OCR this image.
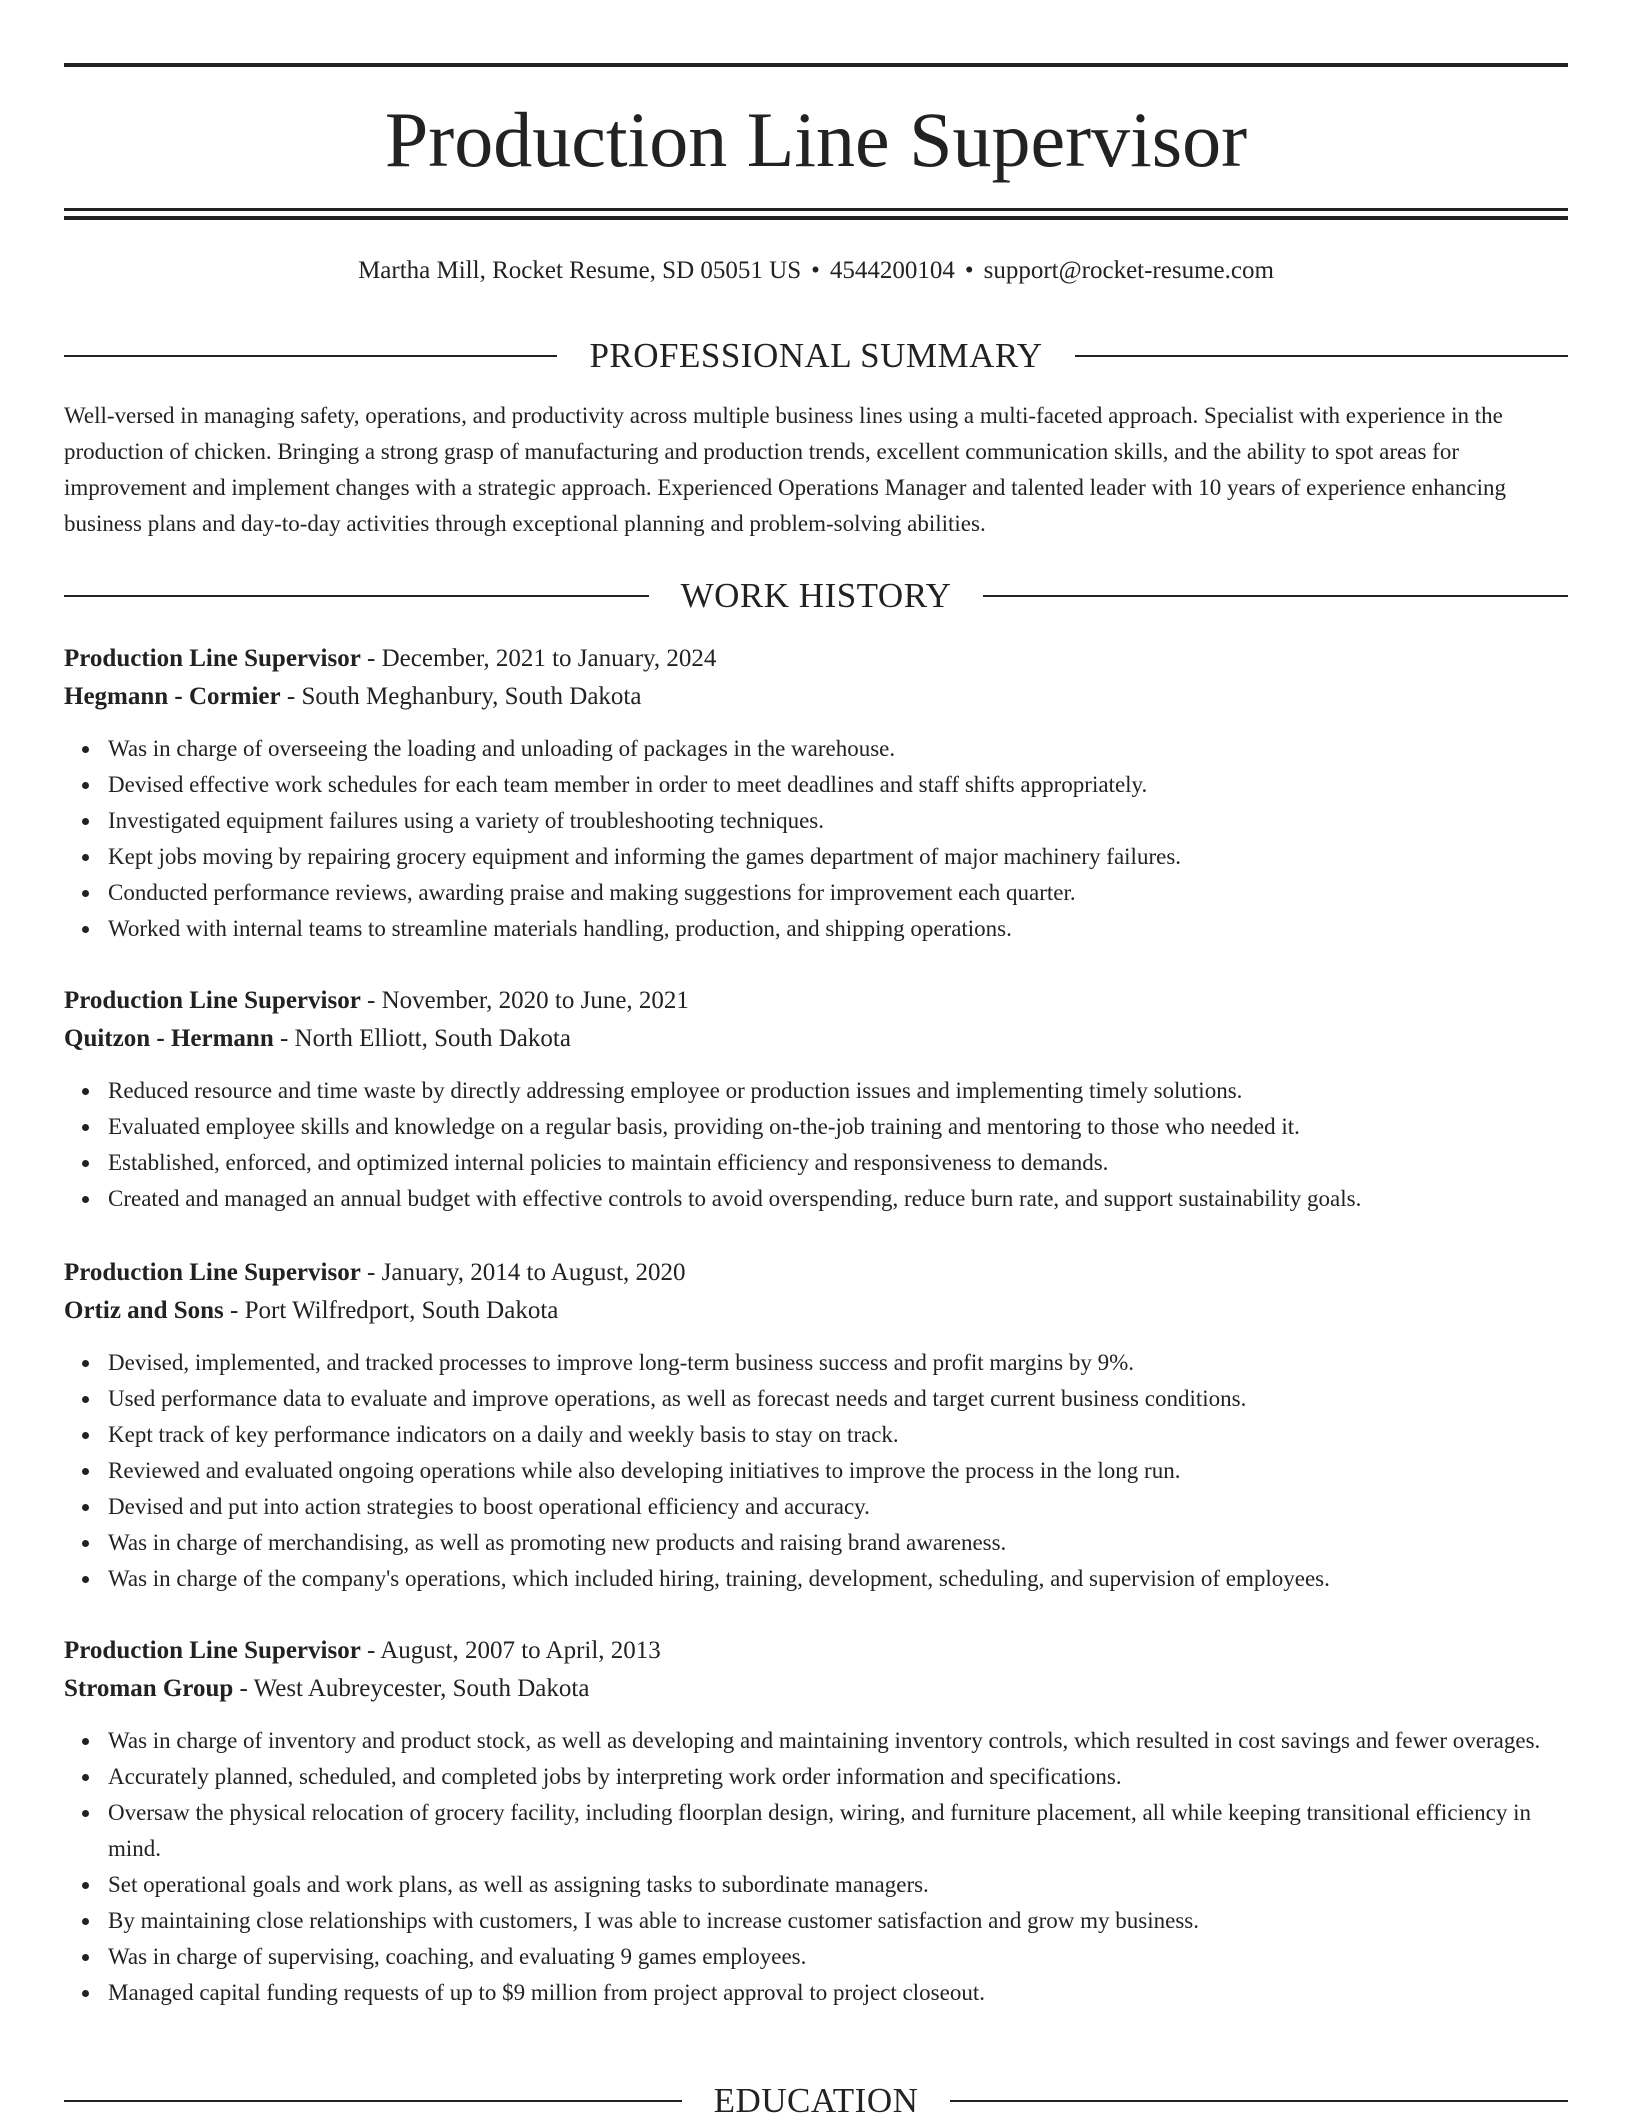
Production Line Supervisor
Martha Mill, Rocket Resume, SD 05051 US • 4544200104 • support@rocket-resume.com
PROFESSIONAL SUMMARY

Well-versed in managing safety, operations, and productivity across multiple business lines using a multi-faceted approach. Specialist with experience in the production of chicken. Bringing a strong grasp of manufacturing and production trends, excellent communication skills, and the ability to spot areas for improvement and implement changes with a strategic approach. Experienced Operations Manager and talented leader with 10 years of experience enhancing business plans and day-to-day activities through exceptional planning and problem-solving abilities.

WORK HISTORY
Production Line Supervisor - December, 2021 to January, 2024
Hegmann - Cormier - South Meghanbury, South Dakota
Was in charge of overseeing the loading and unloading of packages in the warehouse.
Devised effective work schedules for each team member in order to meet deadlines and staff shifts appropriately.
Investigated equipment failures using a variety of troubleshooting techniques.
Kept jobs moving by repairing grocery equipment and informing the games department of major machinery failures.
Conducted performance reviews, awarding praise and making suggestions for improvement each quarter.
Worked with internal teams to streamline materials handling, production, and shipping operations.
Production Line Supervisor - November, 2020 to June, 2021
Quitzon - Hermann - North Elliott, South Dakota
Reduced resource and time waste by directly addressing employee or production issues and implementing timely solutions.
Evaluated employee skills and knowledge on a regular basis, providing on-the-job training and mentoring to those who needed it.
Established, enforced, and optimized internal policies to maintain efficiency and responsiveness to demands.
Created and managed an annual budget with effective controls to avoid overspending, reduce burn rate, and support sustainability goals.
Production Line Supervisor - January, 2014 to August, 2020
Ortiz and Sons - Port Wilfredport, South Dakota
Devised, implemented, and tracked processes to improve long-term business success and profit margins by 9%.
Used performance data to evaluate and improve operations, as well as forecast needs and target current business conditions.
Kept track of key performance indicators on a daily and weekly basis to stay on track.
Reviewed and evaluated ongoing operations while also developing initiatives to improve the process in the long run.
Devised and put into action strategies to boost operational efficiency and accuracy.
Was in charge of merchandising, as well as promoting new products and raising brand awareness.
Was in charge of the company's operations, which included hiring, training, development, scheduling, and supervision of employees.
Production Line Supervisor - August, 2007 to April, 2013
Stroman Group - West Aubreycester, South Dakota
Was in charge of inventory and product stock, as well as developing and maintaining inventory controls, which resulted in cost savings and fewer overages.
Accurately planned, scheduled, and completed jobs by interpreting work order information and specifications.
Oversaw the physical relocation of grocery facility, including floorplan design, wiring, and furniture placement, all while keeping transitional efficiency in mind.
Set operational goals and work plans, as well as assigning tasks to subordinate managers.
By maintaining close relationships with customers, I was able to increase customer satisfaction and grow my business.
Was in charge of supervising, coaching, and evaluating 9 games employees.
Managed capital funding requests of up to $9 million from project approval to project closeout.
EDUCATION
